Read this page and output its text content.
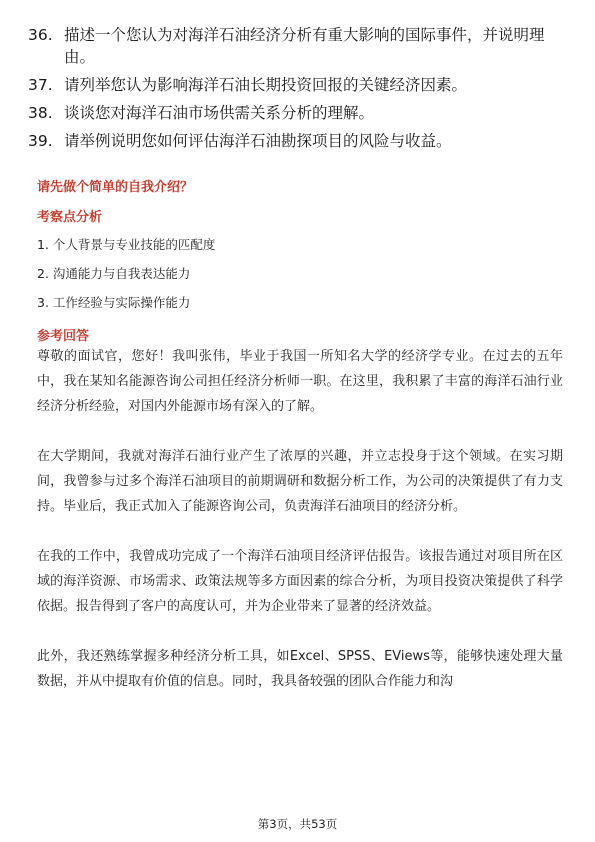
36. 描述一个您认为对海洋石油经济分析有重大影响的国际事件，并说明理由。
37. 请列举您认为影响海洋石油长期投资回报的关键经济因素。
38. 谈谈您对海洋石油市场供需关系分析的理解。
39. 请举例说明您如何评估海洋石油勘探项目的风险与收益。
请先做个简单的自我介绍？
考察点分析
1. 个人背景与专业技能的匹配度
2. 沟通能力与自我表达能力
3. 工作经验与实际操作能力
参考回答

尊敬的面试官，您好！我叫张伟，毕业于我国一所知名大学的经济学专业。在过去的五年中，我在某知名能源咨询公司担任经济分析师一职。在这里，我积累了丰富的海洋石油行业经济分析经验，对国内外能源市场有深入的了解。

在大学期间，我就对海洋石油行业产生了浓厚的兴趣，并立志投身于这个领域。在实习期间，我曾参与过多个海洋石油项目的前期调研和数据分析工作，为公司的决策提供了有力支持。毕业后，我正式加入了能源咨询公司，负责海洋石油项目的经济分析。

在我的工作中，我曾成功完成了一个海洋石油项目经济评估报告。该报告通过对项目所在区域的海洋资源、市场需求、政策法规等多方面因素的综合分析，为项目投资决策提供了科学依据。报告得到了客户的高度认可，并为企业带来了显著的经济效益。

此外，我还熟练掌握多种经济分析工具，如Excel、SPSS、EViews等，能够快速处理大量数据，并从中提取有价值的信息。同时，我具备较强的团队合作能力和沟

第3页，共53页
